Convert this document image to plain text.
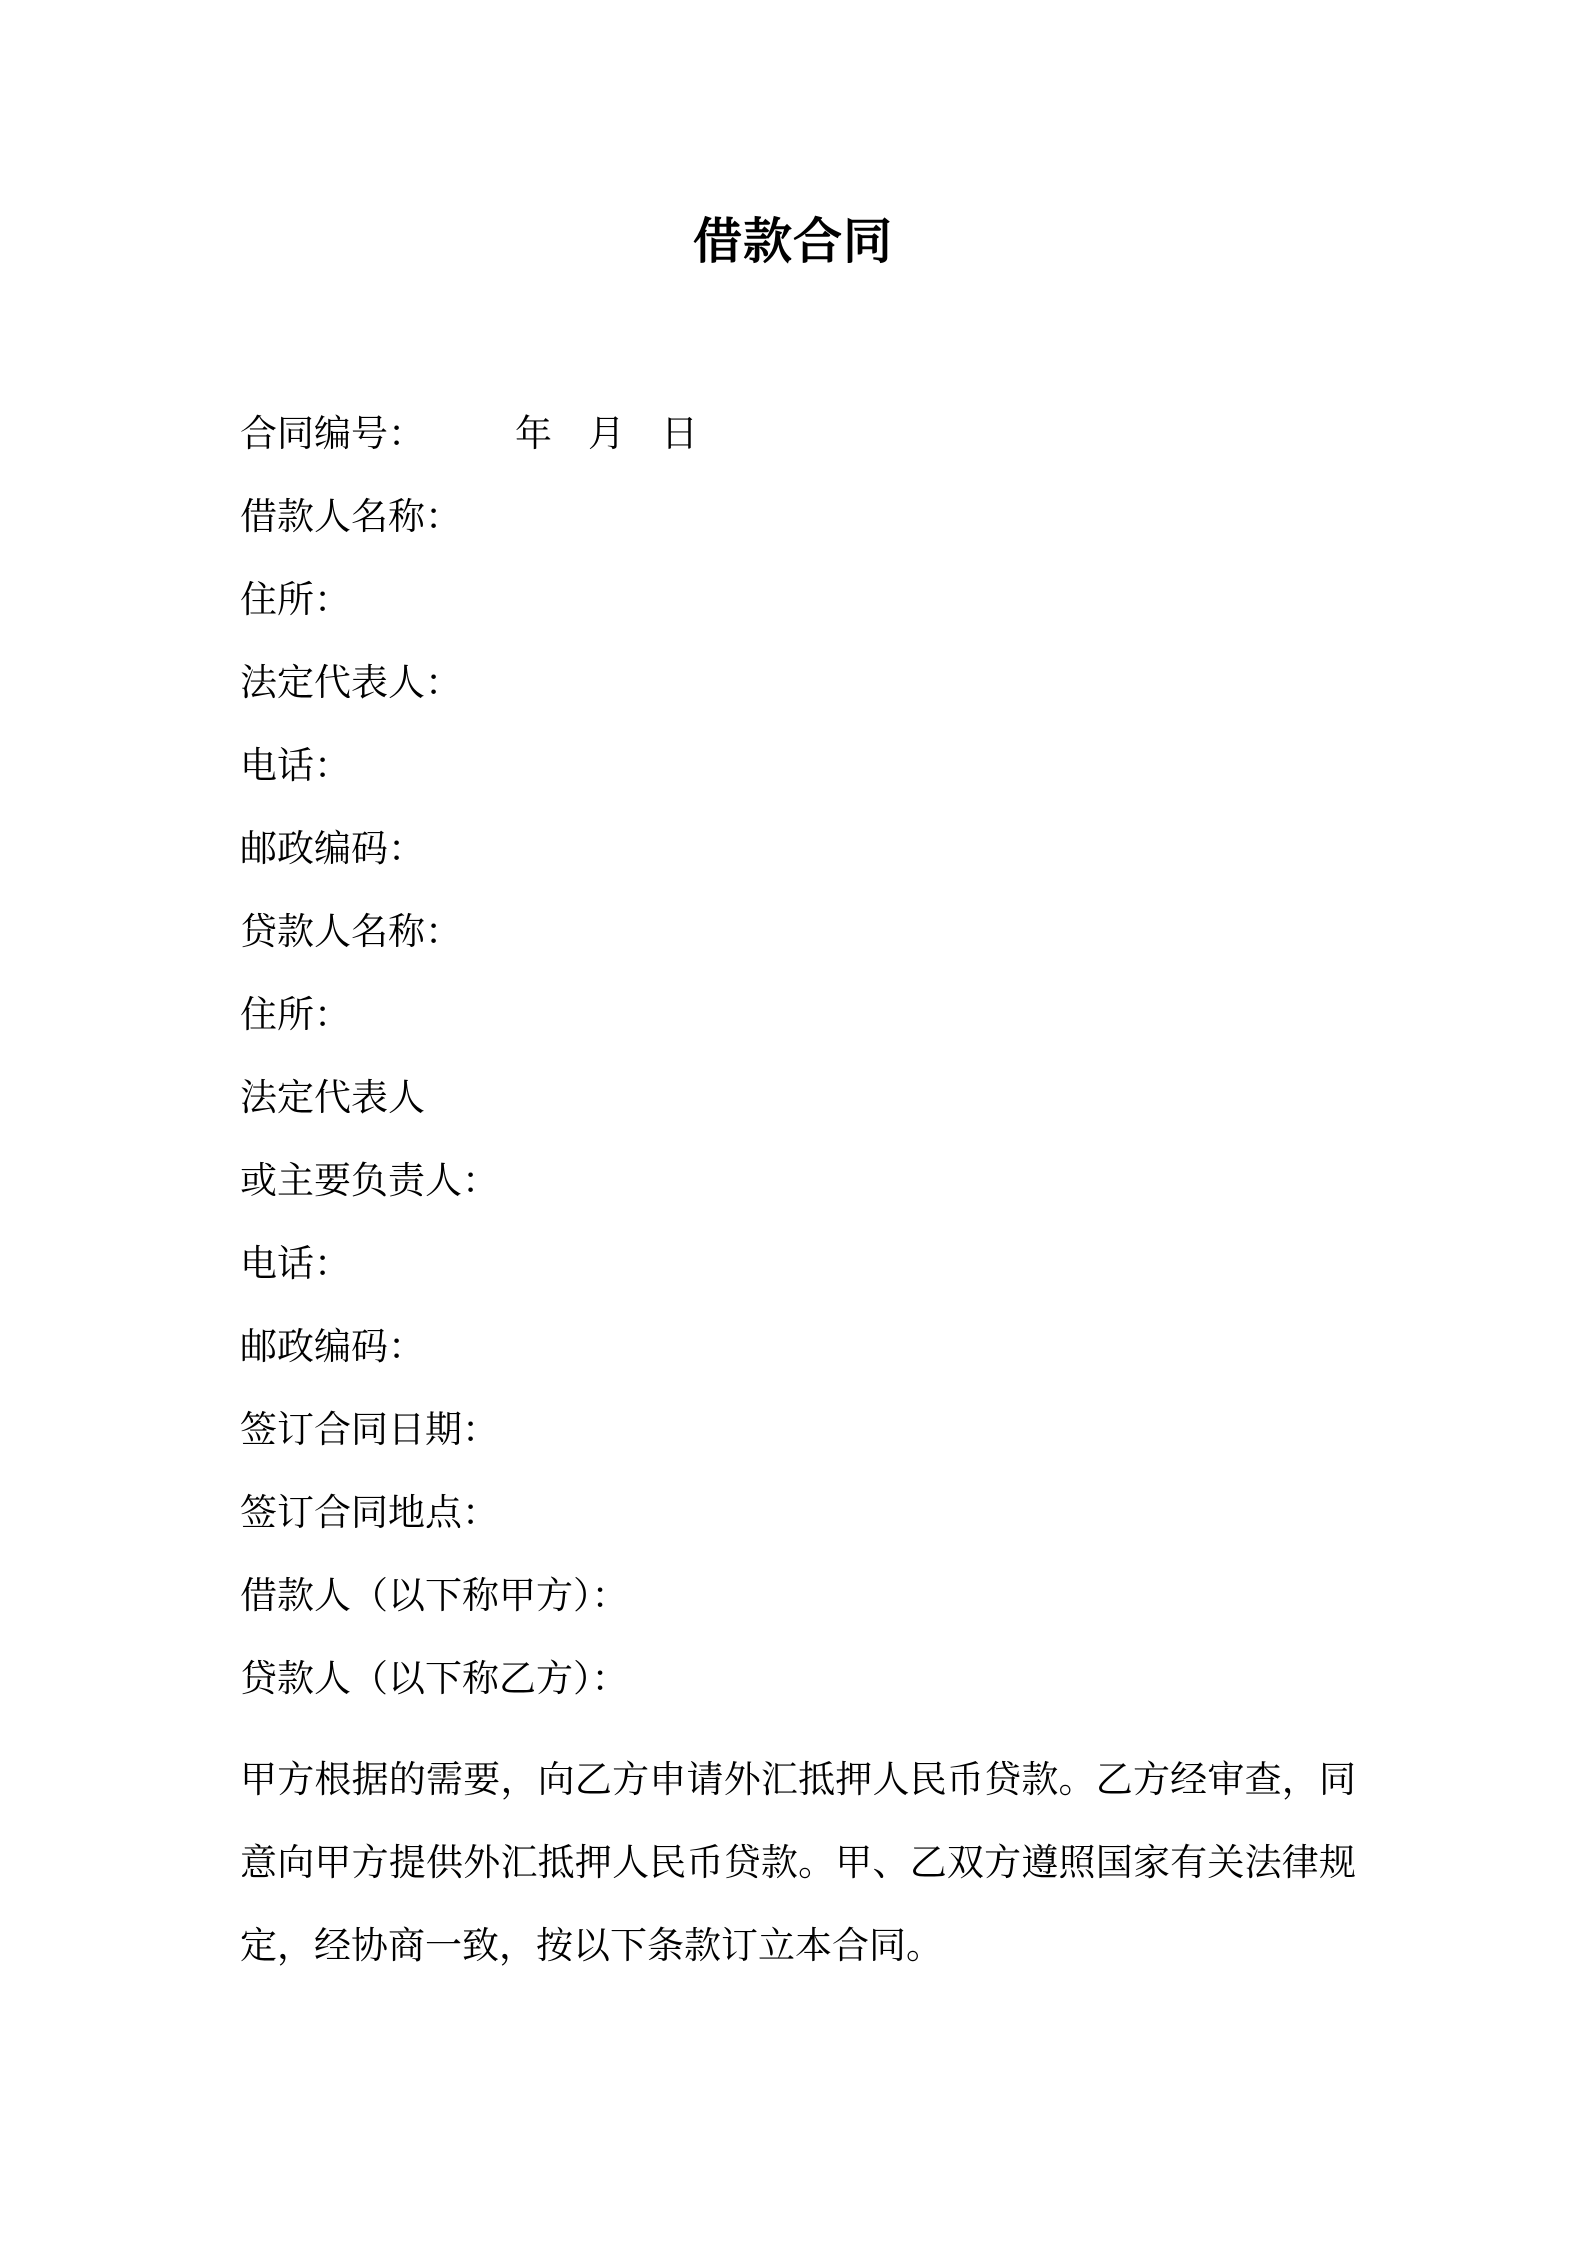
借款合同
合同编号： 年 月 日
借款人名称：
住所：
法定代表人：
电话：
邮政编码：
贷款人名称：
住所：
法定代表人
或主要负责人：
电话：
邮政编码：
签订合同日期：
签订合同地点：
借款人（以下称甲方）：
贷款人（以下称乙方）：

甲方根据的需要，向乙方申请外汇抵押人民币贷款。乙方经审查，同意向甲方提供外汇抵押人民币贷款。甲、乙双方遵照国家有关法律规定，经协商一致，按以下条款订立本合同。
